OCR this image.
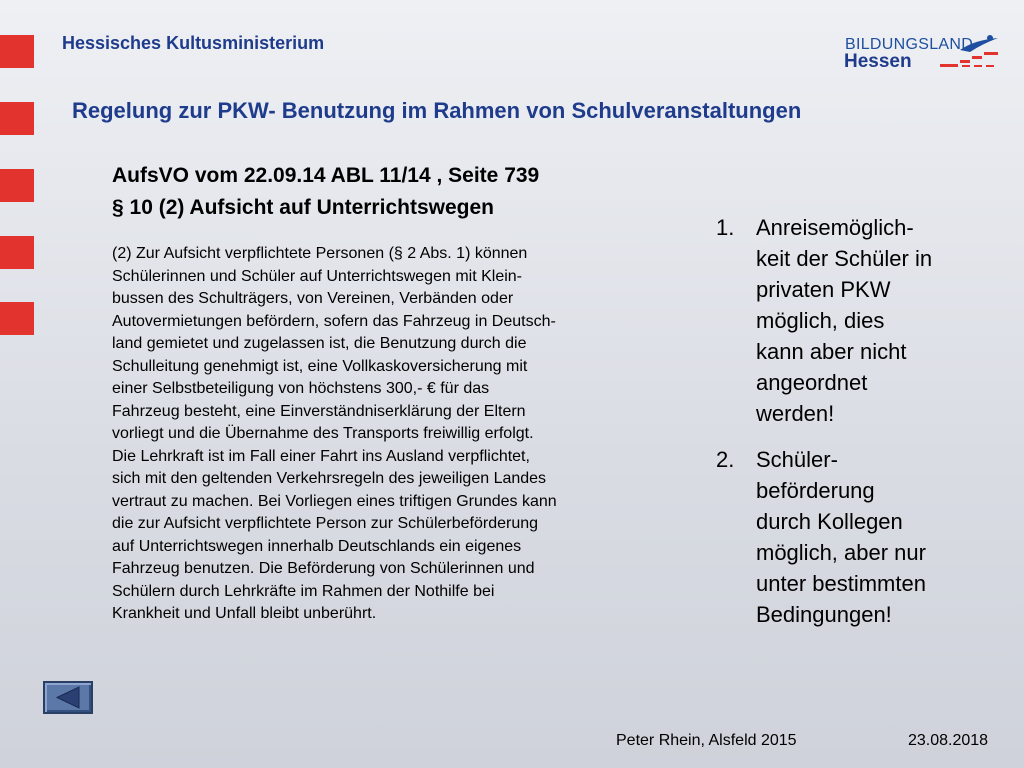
Hessisches Kultusministerium	BILDUNGSLAND
Hessen
Regelung zur PKW- Benutzung im Rahmen von Schulveranstaltungen
AufsVO vom 22.09.14 ABL 11/14 , Seite 739
§ 10 (2) Aufsicht auf Unterrichtswegen
(2) Zur Aufsicht verpflichtete Personen (§ 2 Abs. 1) können
Schülerinnen und Schüler auf Unterrichtswegen mit Klein-
bussen des Schulträgers, von Vereinen, Verbänden oder
Autovermietungen befördern, sofern das Fahrzeug in Deutsch-
land gemietet und zugelassen ist, die Benutzung durch die
Schulleitung genehmigt ist, eine Vollkaskoversicherung mit
einer Selbstbeteiligung von höchstens 300,- € für das
Fahrzeug besteht, eine Einverständniserklärung der Eltern
vorliegt und die Übernahme des Transports freiwillig erfolgt.
Die Lehrkraft ist im Fall einer Fahrt ins Ausland verpflichtet,
sich mit den geltenden Verkehrsregeln des jeweiligen Landes
vertraut zu machen. Bei Vorliegen eines triftigen Grundes kann
die zur Aufsicht verpflichtete Person zur Schülerbeförderung
auf Unterrichtswegen innerhalb Deutschlands ein eigenes
Fahrzeug benutzen. Die Beförderung von Schülerinnen und
Schülern durch Lehrkräfte im Rahmen der Nothilfe bei
Krankheit und Unfall bleibt unberührt.
1. Anreisemöglich-
keit der Schüler in
privaten PKW
möglich, dies
kann aber nicht
angeordnet
werden!
2. Schüler-
beförderung
durch Kollegen
möglich, aber nur
unter bestimmten
Bedingungen!
Peter Rhein, Alsfeld 2015	23.08.2018
